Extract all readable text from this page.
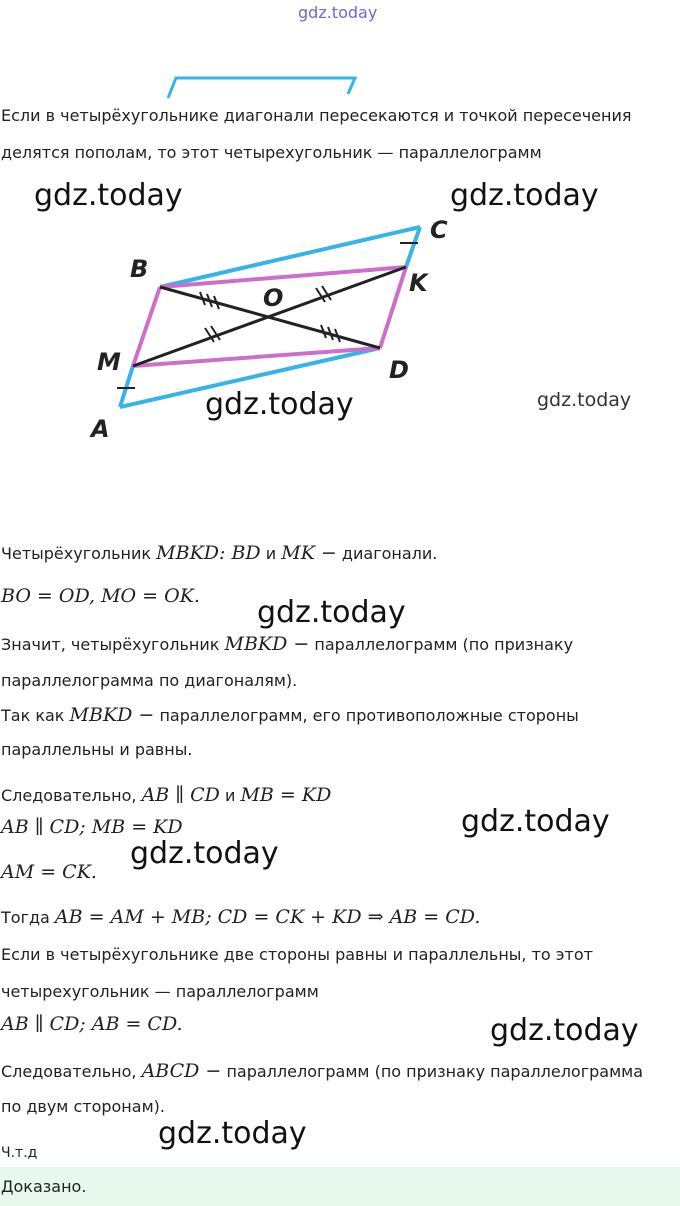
gdz.today
Если в четырёхугольнике диагонали пересекаются и точкой пересечения
делятся пополам, то этот четырехугольник — параллелограмм
A
B
C
D
K
M
O
gdz.today	gdz.today
gdz.today	gdz.today
gdz.today
gdz.today
gdz.today
gdz.today
gdz.today
Четырёхугольник MBKD: BD и MK − диагонали.
BO = OD, MO = OK.
Значит, четырёхугольник MBKD − параллелограмм (по признаку
параллелограмма по диагоналям).
Так как MBKD − параллелограмм, его противоположные стороны
параллельны и равны.
Следовательно, AB ∥ CD и MB = KD
AB ∥ CD; MB = KD
AM = CK.
Тогда AB = AM + MB; CD = CK + KD ⇒ AB = CD.
Если в четырёхугольнике две стороны равны и параллельны, то этот
четырехугольник — параллелограмм
AB ∥ CD; AB = CD.
Следовательно, ABCD − параллелограмм (по признаку параллелограмма
по двум сторонам).
Ч.т.д
Доказано.
